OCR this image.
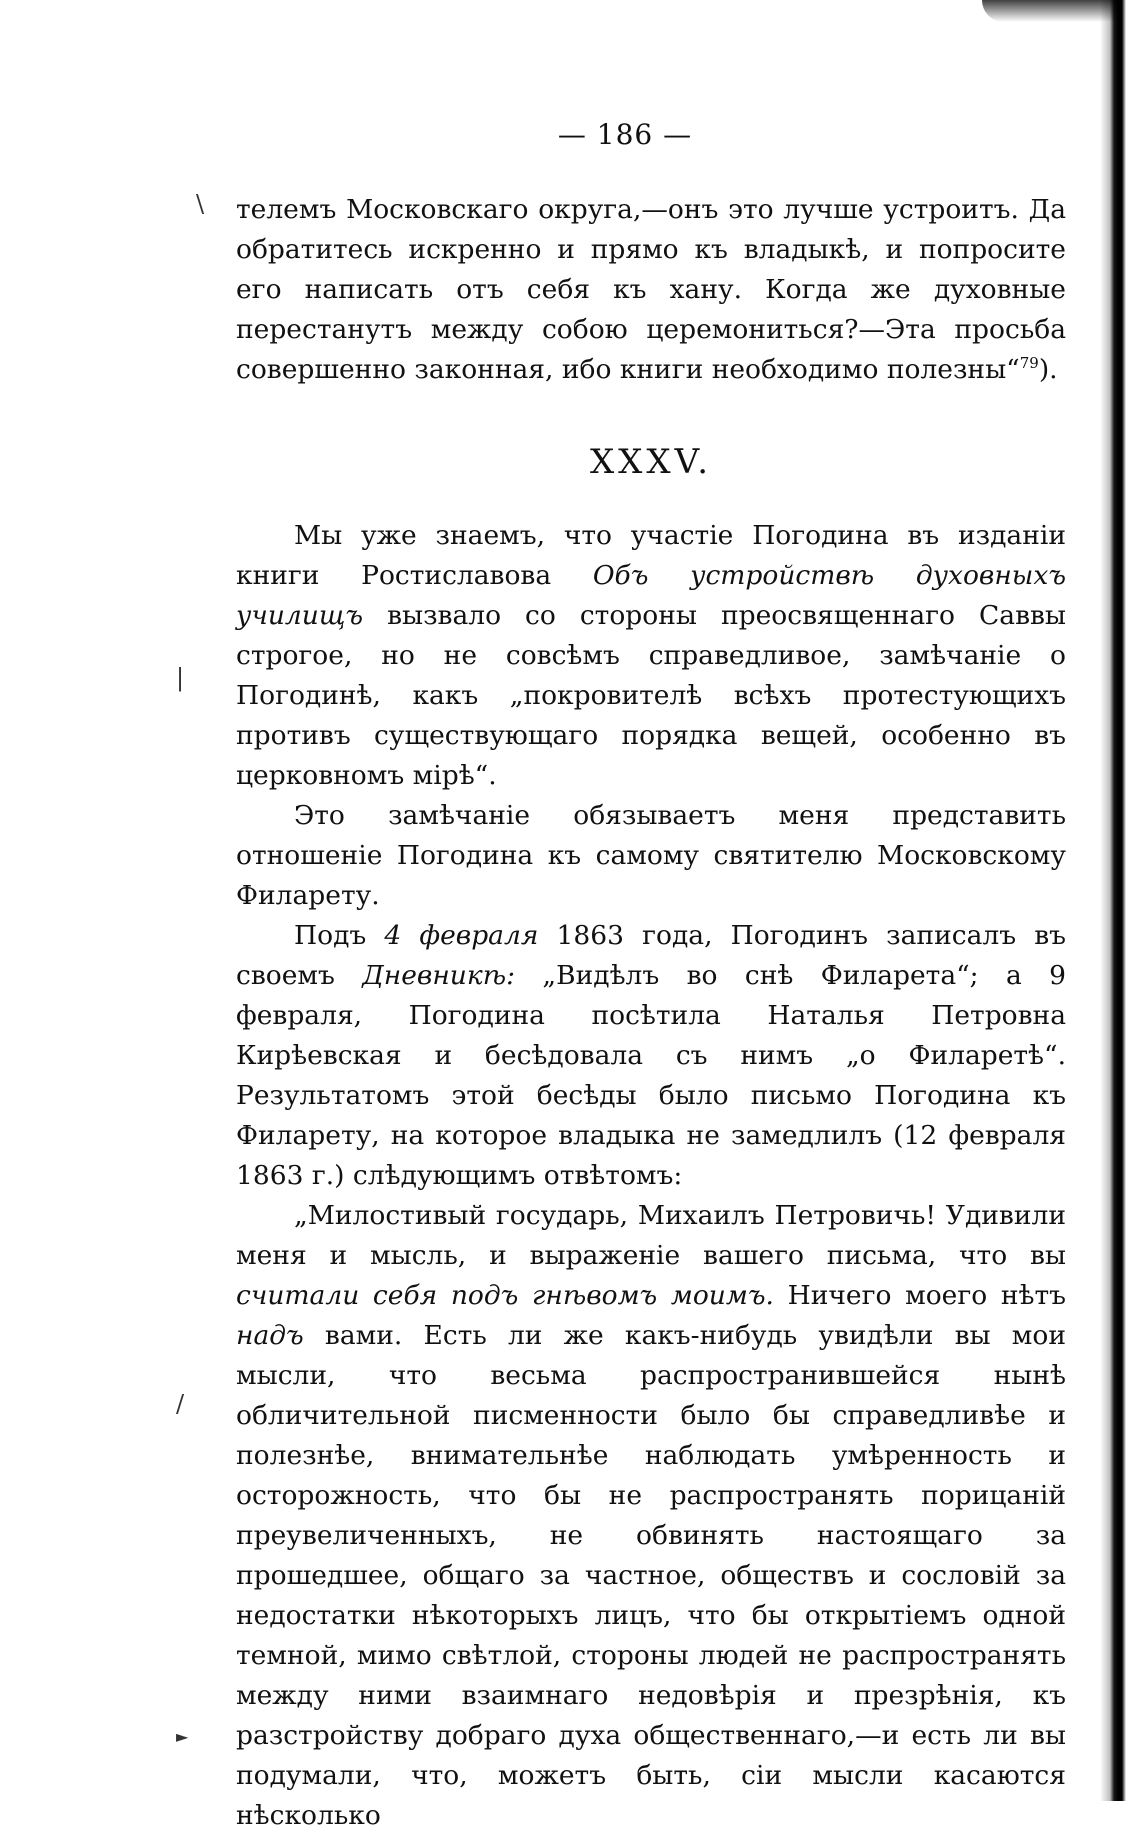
— 186 —
\
|
/
►

телемъ Московскаго округа,—онъ это лучше устроитъ. Да обратитесь искренно и прямо къ владыкѣ, и попросите его написать отъ себя къ хану. Когда же духовные перестанутъ между собою церемониться?—Эта просьба совершенно законная, ибо книги необходимо полезны“$^{79}$).

XXXV.

Мы уже знаемъ, что участіе Погодина въ изданіи книги Ростиславова Объ устройствѣ духовныхъ училищъ вызвало со стороны преосвященнаго Саввы строгое, но не совсѣмъ справедливое, замѣчаніе о Погодинѣ, какъ „покровителѣ всѣхъ протестующихъ противъ существующаго порядка вещей, особенно въ церковномъ мірѣ“.

Это замѣчаніе обязываетъ меня представить отношеніе Погодина къ самому святителю Московскому Филарету.

Подъ 4 февраля 1863 года, Погодинъ записалъ въ своемъ Дневникѣ: „Видѣлъ во снѣ Филарета“; а 9 февраля, Погодина посѣтила Наталья Петровна Кирѣевская и бесѣдовала съ нимъ „о Филаретѣ“. Результатомъ этой бесѣды было письмо Погодина къ Филарету, на которое владыка не замедлилъ (12 февраля 1863 г.) слѣдующимъ отвѣтомъ:

„Милостивый государь, Михаилъ Петровичь! Удивили меня и мысль, и выраженіе вашего письма, что вы считали себя подъ гнѣвомъ моимъ. Ничего моего нѣтъ надъ вами. Есть ли же какъ-нибудь увидѣли вы мои мысли, что весьма распространившейся нынѣ обличительной писменности было бы справедливѣе и полезнѣе, внимательнѣе наблюдать умѣренность и осторожность, что бы не распространять порицаній преувеличенныхъ, не обвинять настоящаго за прошедшее, общаго за частное, обществъ и сословій за недостатки нѣкоторыхъ лицъ, что бы открытіемъ одной темной, мимо свѣтлой, стороны людей не распространять между ними взаимнаго недовѣрія и презрѣнія, къ разстройству добраго духа общественнаго,—и есть ли вы подумали, что, можетъ быть, сіи мысли касаются нѣсколько
